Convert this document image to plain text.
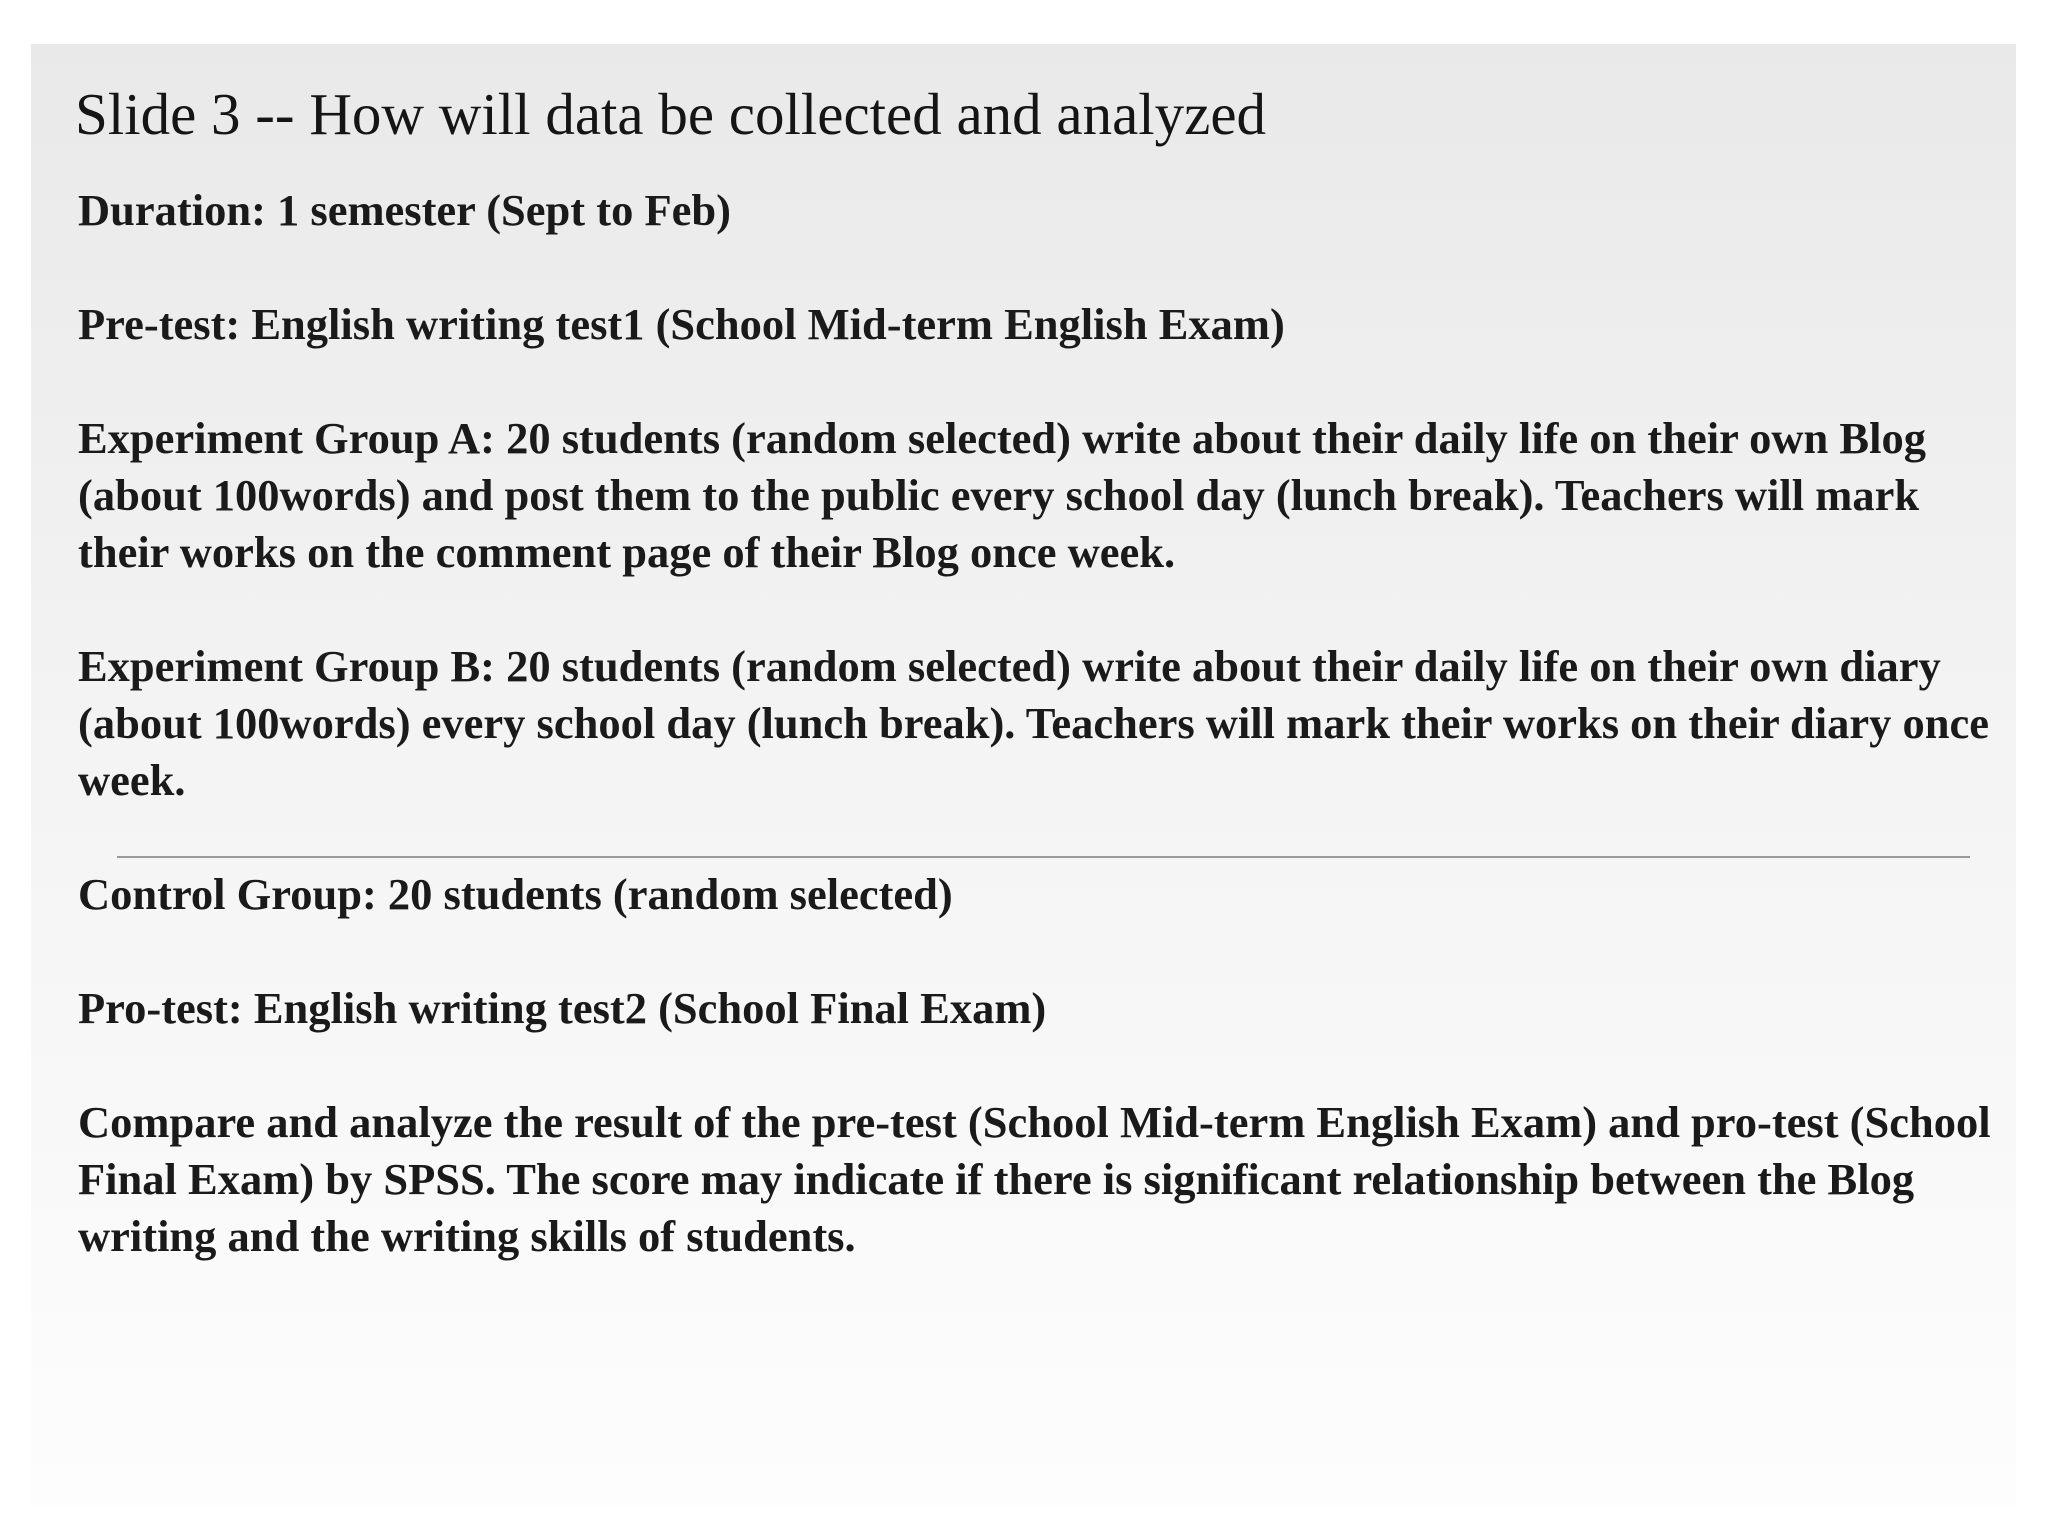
Slide 3 -- How will data be collected and analyzed

Duration: 1 semester (Sept to Feb)

Pre-test: English writing test1 (School Mid-term English Exam)

Experiment Group A: 20 students (random selected) write about their daily life on their own Blog (about 100words) and post them to the public every school day (lunch break). Teachers will mark their works on the comment page of their Blog once week.

Experiment Group B: 20 students (random selected) write about their daily life on their own diary (about 100words) every school day (lunch break). Teachers will mark their works on their diary once week.

Control Group: 20 students (random selected)

Pro-test: English writing test2 (School Final Exam)

Compare and analyze the result of the pre-test (School Mid-term English Exam) and pro-test (School Final Exam) by SPSS. The score may indicate if there is significant relationship between the Blog writing and the writing skills of students.
